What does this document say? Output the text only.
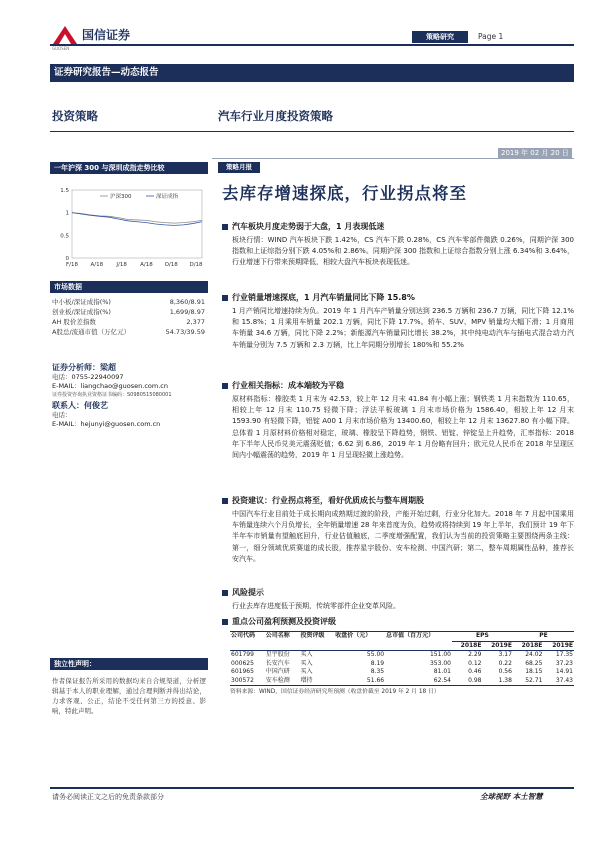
国信证券
GUOSEN
策略研究	Page 1
证券研究报告—动态报告
投资策略	汽车行业月度投资策略
2019 年 02 月 20 日
一年沪深 300 与深圳成指走势比较
0
0.5
1
1.5
F/18 A/18 J/18 A/18 O/18 D/18
沪深300	深证成指
市场数据
中小板/深证成指(%)	8,360/8.91
创业板/深证成指(%)	1,699/8.97
AH 股价差指数	2,377
A股总/流通市值（万亿元）	54.73/39.59
证券分析师：梁超
电话：0755-22940097
E-MAIL：liangchao@guosen.com.cn
证券投资咨询执业资格证书编码：S0980515080001
联系人：何俊艺
电话：
E-MAIL：hejunyi@guosen.com.cn
独立性声明：
作者保证报告所采用的数据均来自合规渠道，分析逻辑基于本人的职业理解，通过合理判断并得出结论，力求客观、公正，结论不受任何第三方的授意、影响，特此声明。
策略月报
去库存增速探底，行业拐点将至
汽车板块月度走势弱于大盘，1 月表现低迷
板块行情：WIND 汽车板块下跌 1.42%，CS 汽车下跌 0.28%，CS 汽车零部件微跌 0.26%，同期沪深 300 指数和上证综指分别下跌 4.05%和 2.86%。同期沪深 300 指数和上证综合指数分别上涨 6.34%和 3.64%，行业增速下行带来预期降低，相较大盘汽车板块表现低迷。
行业销量增速探底，1 月汽车销量同比下降 15.8%
1 月产销同比增速持续为负。2019 年 1 月汽车产销量分别达到 236.5 万辆和 236.7 万辆，同比下降 12.1%和 15.8%；1 月乘用车销量 202.1 万辆，同比下降 17.7%。轿车、SUV、MPV 销量均大幅下滑；1 月商用车销量 34.6 万辆，同比下降 2.2%；新能源汽车销量同比增长 38.2%，其中纯电动汽车与插电式混合动力汽车销量分别为 7.5 万辆和 2.3 万辆，比上年同期分别增长 180%和 55.2%
行业相关指标：成本端较为平稳
原材料指标：橡胶类 1 月末为 42.53，较上年 12 月末 41.84 有小幅上涨；钢铁类 1 月末指数为 110.65，相较上年 12 月末 110.75 轻微下降；浮法平板玻璃 1 月末市场价格为 1586.40，相较上年 12 月末 1593.90 有轻微下降，铝锭 A00 1 月末市场价格为 13400.60，相较上年 12 月末 13627.80 有小幅下降。总体看 1 月原材料价格相对稳定，玻璃、橡胶呈下降趋势，钢铁、铝锭、锌锭呈上升趋势，汇率指标：2018 年下半年人民币兑美元震荡贬值；6.62 到 6.86，2019 年 1 月份略有回升；欧元兑人民币在 2018 年呈现区间内小幅震荡的趋势，2019 年 1 月呈现轻微上涨趋势。
投资建议：行业拐点将至，看好优质成长与整车周期股
中国汽车行业目前处于成长期向成熟期过渡的阶段，产能开始过剩，行业分化加大。2018 年 7 月起中国乘用车销量连续六个月负增长，全年销量增速 28 年来首度为负，趋势或将持续到 19 年上半年，我们预计 19 年下半年车市销量有望触底回升，行业估值触底，二季度增强配置，我们认为当前的投资策略主要围绕两条主线：第一，细分领域优质赛道的成长股，推荐星宇股份、安车检测、中国汽研；第二，整车周期属性品种，推荐长安汽车。
风险提示
行业去库存进度低于预期，传统零部件企业变革风险。
重点公司盈利预测及投资评级
公司代码	公司名称	投资评级	收盘价（元）	总市值（百万元）	EPS		PE	
					2018E	2019E	2018E	2019E
601799	星宇股份	买入	55.00	151.00	2.29	3.17	24.02	17.35
000625	长安汽车	买入	8.19	353.00	0.12	0.22	68.25	37.23
601965	中国汽研	买入	8.35	81.01	0.46	0.56	18.15	14.91
300572	安车检测	增持	51.66	62.54	0.98	1.38	52.71	37.43
资料来源：WIND，国信证券经济研究所预测（收盘价截至 2019 年 2 月 18 日）
请务必阅读正文之后的免责条款部分	全球视野 本土智慧
